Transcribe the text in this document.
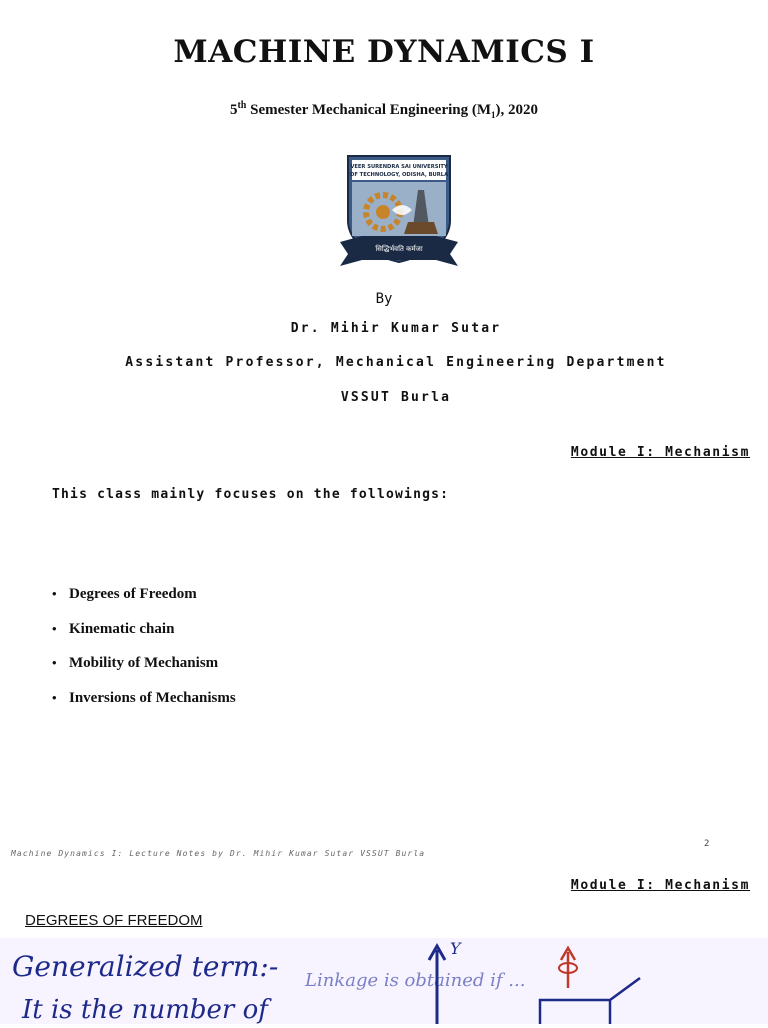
MACHINE DYNAMICS I
5th Semester Mechanical Engineering $(M_1)$, 2020
VEER SURENDRA SAI UNIVERSITY
OF TECHNOLOGY, ODISHA, BURLA
सिद्धिर्भवति कर्मजा
By
Dr. Mihir Kumar Sutar
Assistant Professor, Mechanical Engineering Department
VSSUT Burla
Module I: Mechanism
This class mainly focuses on the followings:
• Degrees of Freedom
• Kinematic chain
• Mobility of Mechanism
• Inversions of Mechanisms
2
Machine Dynamics I: Lecture Notes by Dr. Mihir Kumar Sutar VSSUT Burla
Module I: Mechanism
DEGREES OF FREEDOM
Generalized term:-
It is the number of
Linkage is obtained if ...
Y
